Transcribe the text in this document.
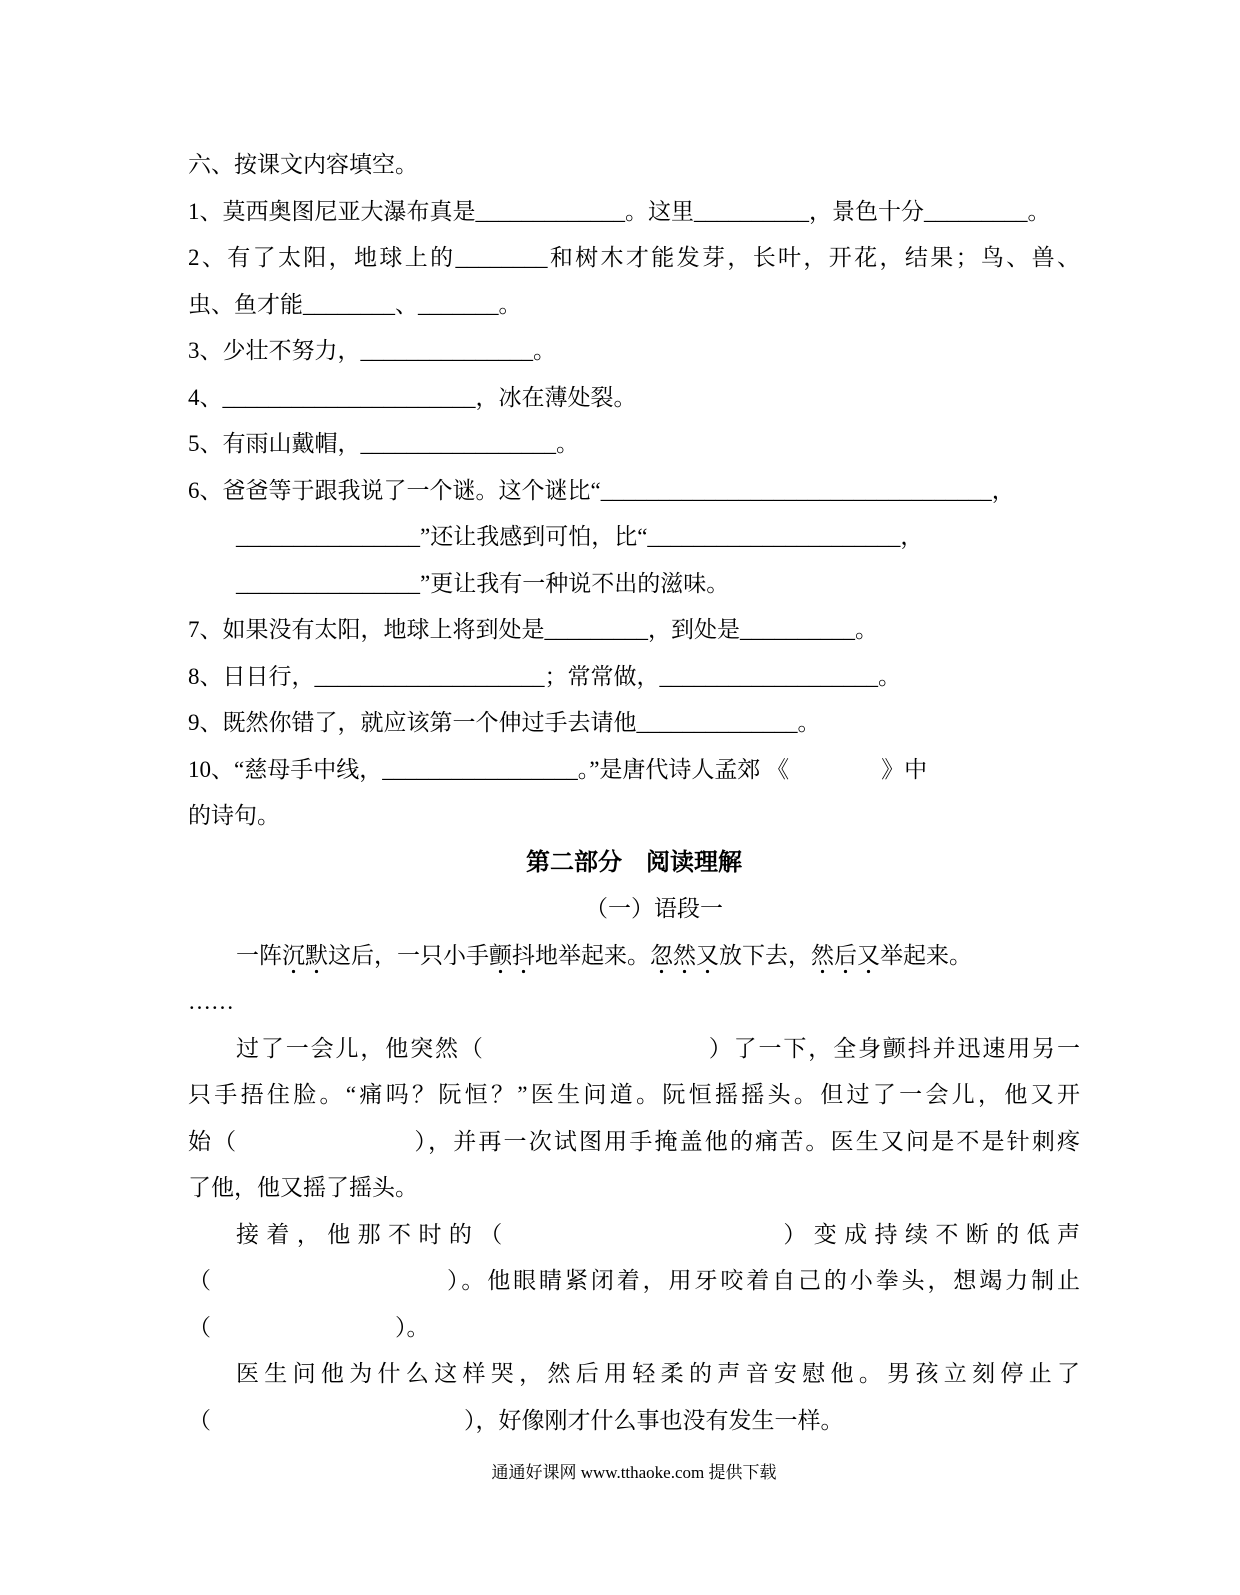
六、按课文内容填空。
1、莫西奥图尼亚大瀑布真是_____________。这里__________，景色十分_________。
2、有了太阳，地球上的________和树木才能发芽，长叶，开花，结果；鸟、兽、
虫、鱼才能________、_______。
3、少壮不努力，_______________。
4、______________________，冰在薄处裂。
5、有雨山戴帽，_________________。
6、爸爸等于跟我说了一个谜。这个谜比“__________________________________，
________________”还让我感到可怕，比“______________________，
________________”更让我有一种说不出的滋味。
7、如果没有太阳，地球上将到处是_________，到处是__________。
8、日日行，____________________；常常做，___________________。
9、既然你错了，就应该第一个伸过手去请他______________。
10、“慈母手中线，_________________。”是唐代诗人孟郊 《　　　　》中
的诗句。
第二部分　阅读理解
（一）语段一
一阵沉默这后，一只小手颤抖地举起来。忽然又放下去，然后又举起来。
……
过了一会儿，他突然（　　　　　　　　　）了一下，全身颤抖并迅速用另一
只手捂住脸。“痛吗？阮恒？”医生问道。阮恒摇摇头。但过了一会儿，他又开
始（　　　　　　　），并再一次试图用手掩盖他的痛苦。医生又问是不是针刺疼
了他，他又摇了摇头。
接着，他那不时的（　　　　　　　　　）变成持续不断的低声
（　　　　　　　　　）。他眼睛紧闭着，用牙咬着自己的小拳头，想竭力制止
（　　　　　　　　）。
医生问他为什么这样哭，然后用轻柔的声音安慰他。男孩立刻停止了
（　　　　　　　　　　　），好像刚才什么事也没有发生一样。
通通好课网 www.tthaoke.com 提供下载
